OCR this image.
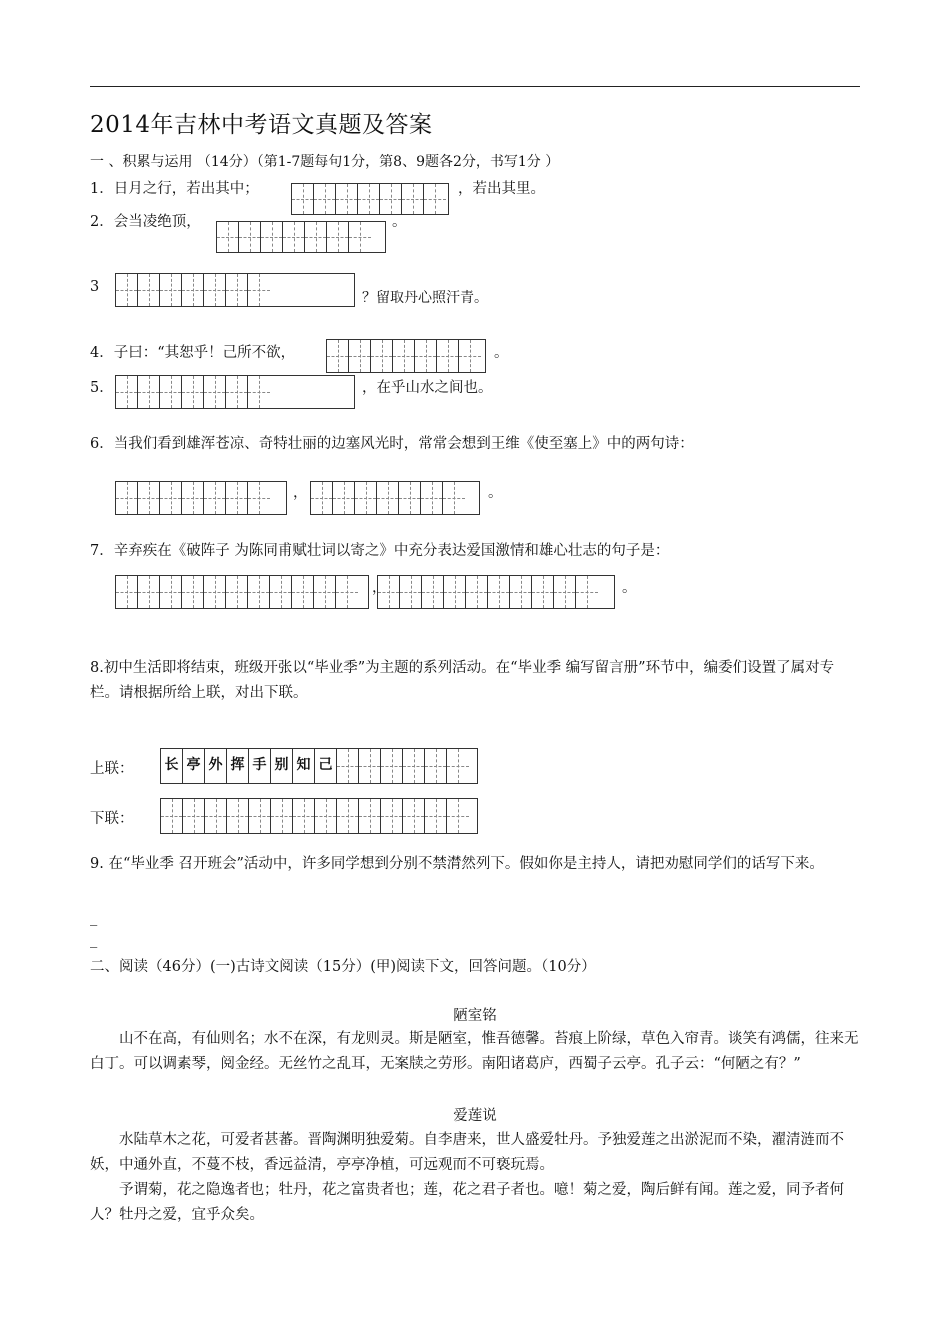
2014年吉林中考语文真题及答案
一 、积累与运用 （14分）（第1-7题每句1分，第8、9题各2分，书写1分 ）
1．日月之行，若出其中；	，若出其里。
2．会当凌绝顶，	。
3
？留取丹心照汗青。
4．子曰：“其恕乎！己所不欲，	。
5．	，在乎山水之间也。
6．当我们看到雄浑苍凉、奇特壮丽的边塞风光时，常常会想到王维《使至塞上》中的两句诗：
，	。
7．辛弃疾在《破阵子 为陈同甫赋壮词以寄之》中充分表达爱国激情和雄心壮志的句子是：
，	。
8.初中生活即将结束，班级开张以“毕业季”为主题的系列活动。在“毕业季 编写留言册”环节中，编委们设置了属对专栏。请根据所给上联，对出下联。
上联： 长 亭 外 挥 手 别 知 己
下联：
9. 在“毕业季 召开班会”活动中，许多同学想到分别不禁潸然列下。假如你是主持人，请把劝慰同学们的话写下来。
_
_
二、阅读（46分）(一)古诗文阅读（15分）(甲)阅读下文，回答问题。（10分）
陋室铭
山不在高，有仙则名；水不在深，有龙则灵。斯是陋室，惟吾德馨。苔痕上阶绿，草色入帘青。谈笑有鸿儒，往来无白丁。可以调素琴，阅金经。无丝竹之乱耳，无案牍之劳形。南阳诸葛庐，西蜀子云亭。孔子云：“何陋之有？”
爱莲说
水陆草木之花，可爱者甚蕃。晋陶渊明独爱菊。自李唐来，世人盛爱牡丹。予独爱莲之出淤泥而不染，濯清涟而不妖，中通外直，不蔓不枝，香远益清，亭亭净植，可远观而不可亵玩焉。
予谓菊，花之隐逸者也；牡丹，花之富贵者也；莲，花之君子者也。噫！菊之爱，陶后鲜有闻。莲之爱，同予者何人？牡丹之爱，宜乎众矣。
